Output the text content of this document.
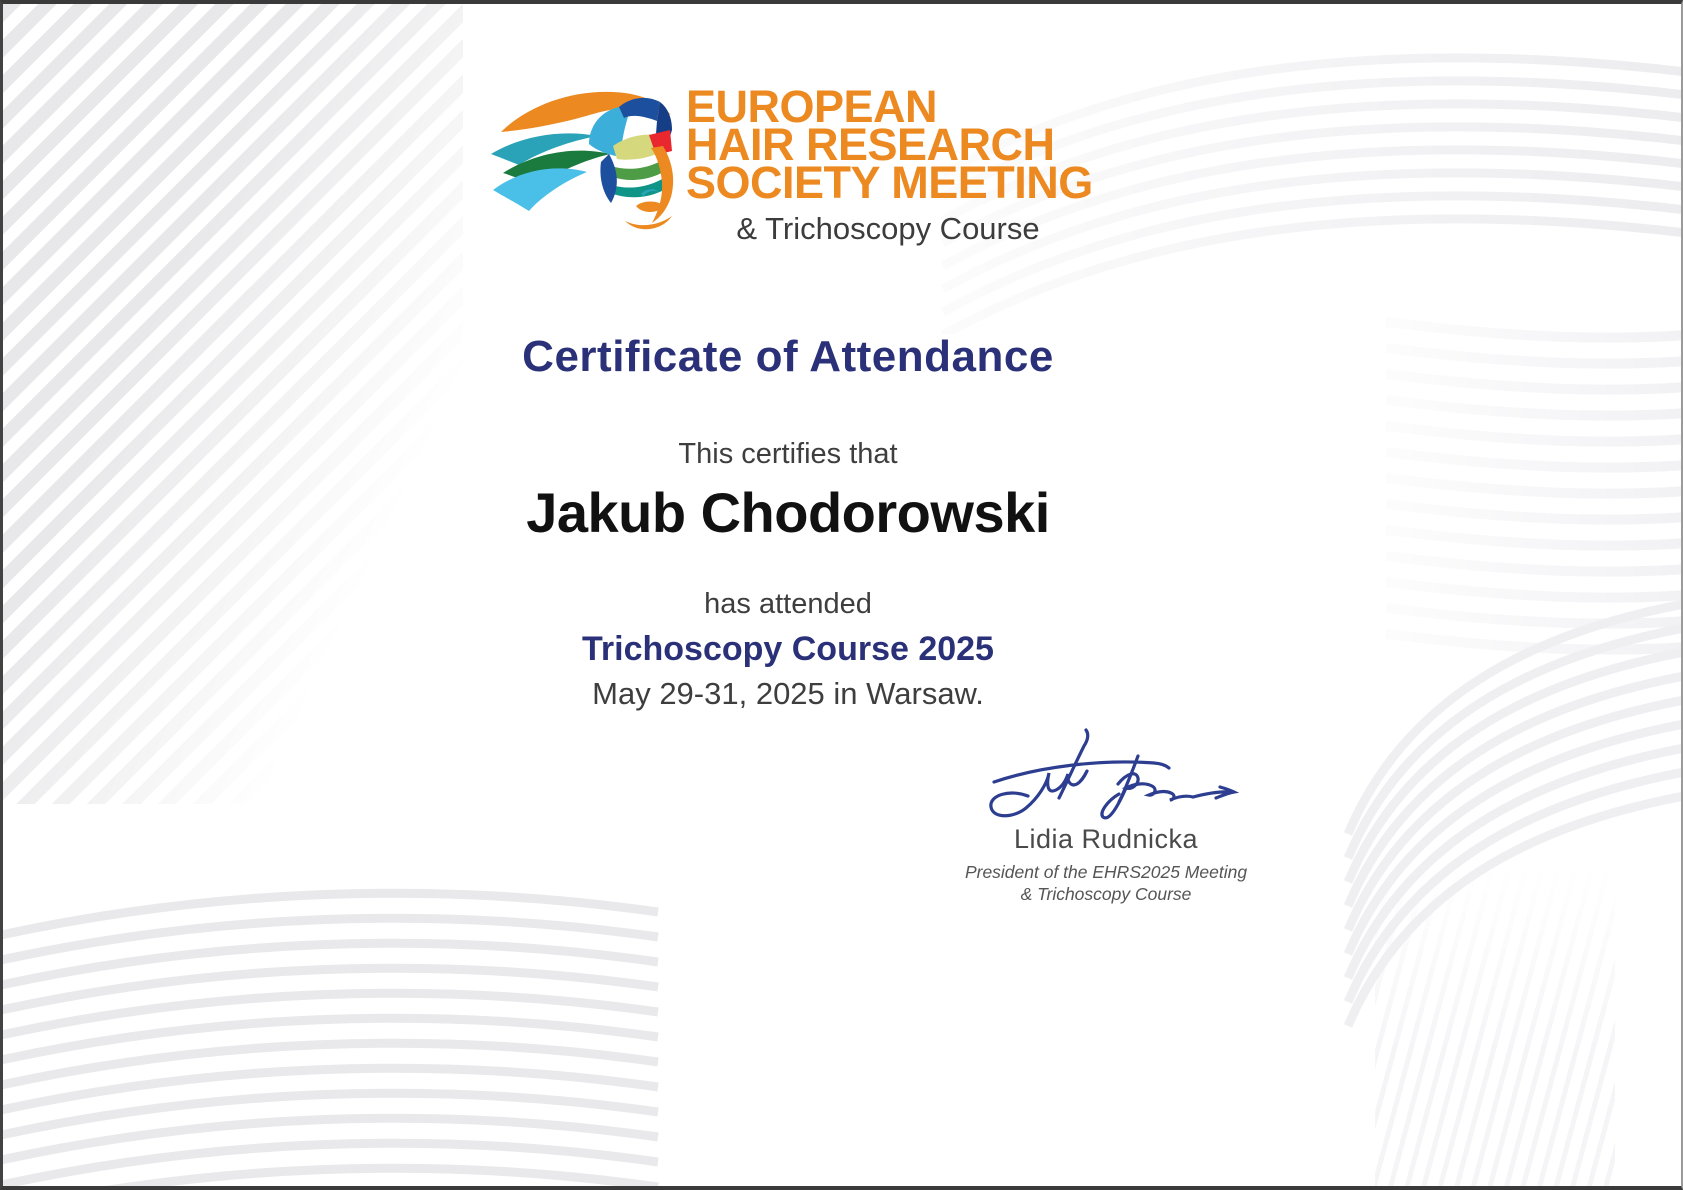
EUROPEAN
HAIR RESEARCH
SOCIETY MEETING
& Trichoscopy Course
Certificate of Attendance
This certifies that
Jakub Chodorowski
has attended
Trichoscopy Course 2025
May 29-31, 2025 in Warsaw.
Lidia Rudnicka
President of the EHRS2025 Meeting
& Trichoscopy Course
